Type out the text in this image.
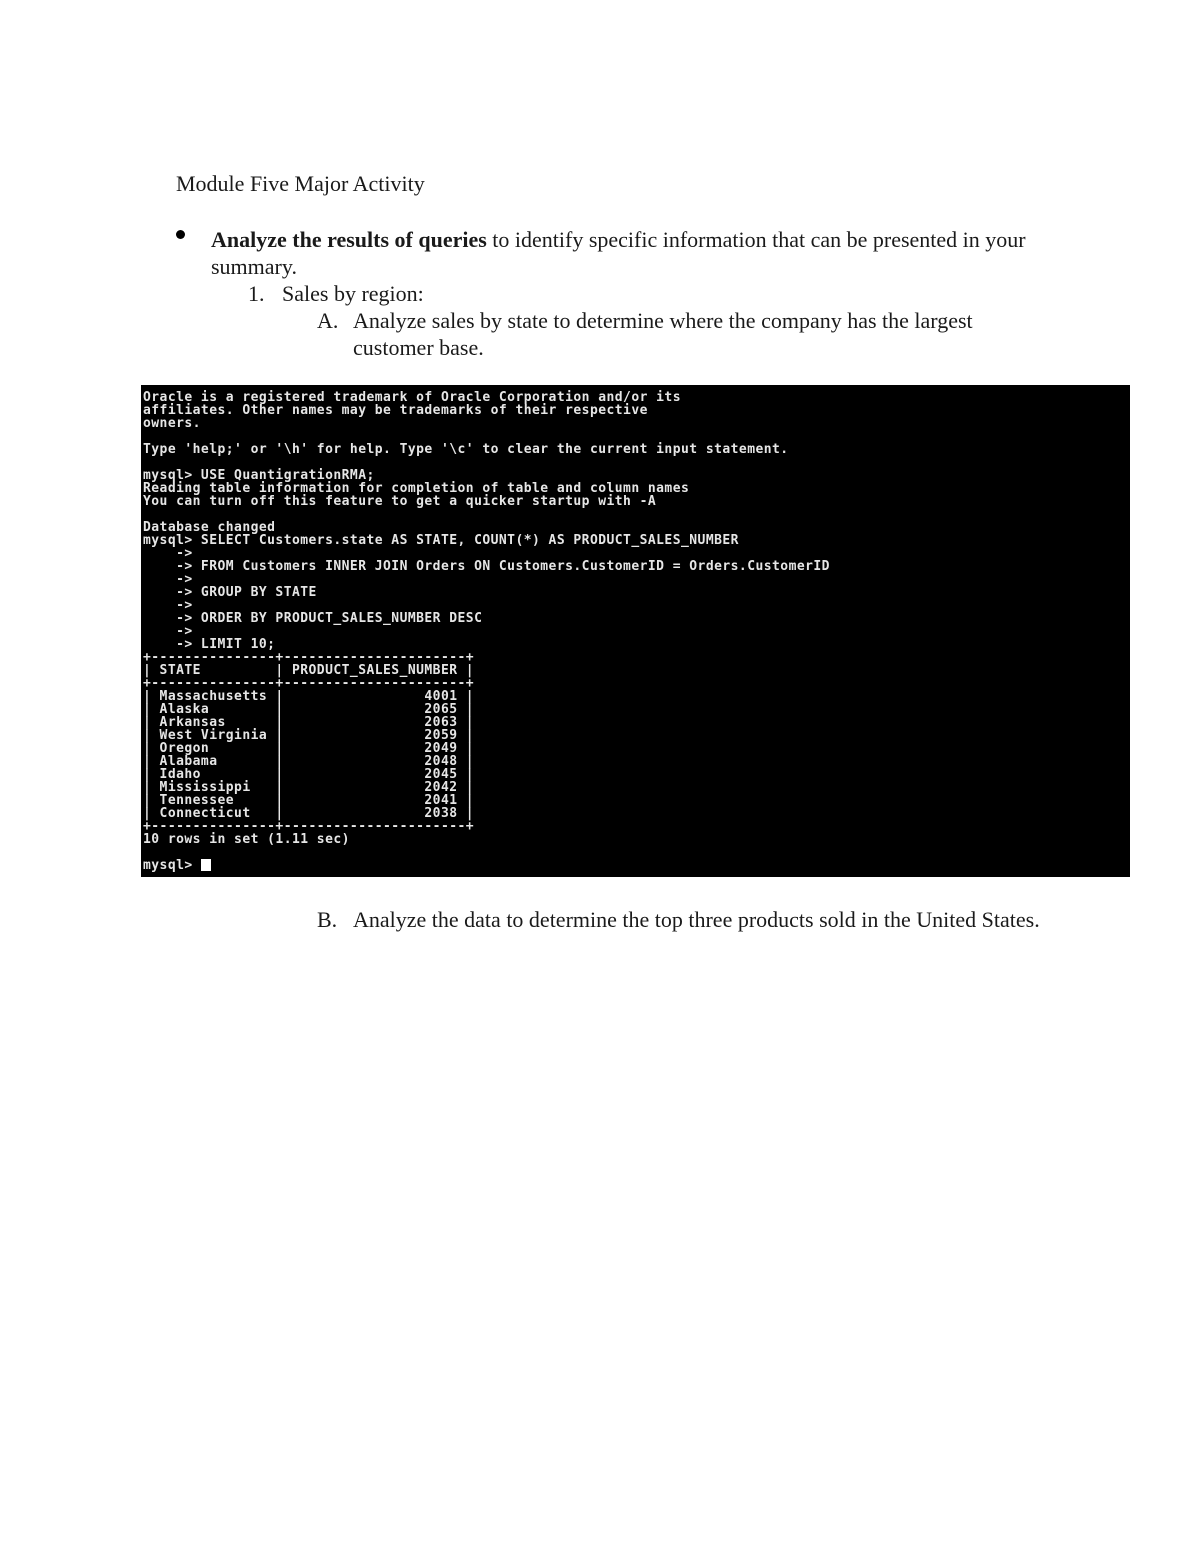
Module Five Major Activity
Analyze the results of queries to identify specific information that can be presented in your summary.
1. Sales by region:
A. Analyze sales by state to determine where the company has the largest customer base.
Oracle is a registered trademark of Oracle Corporation and/or its
affiliates. Other names may be trademarks of their respective
owners.
Type 'help;' or '\h' for help. Type '\c' to clear the current input statement.
mysql> USE QuantigrationRMA;
Reading table information for completion of table and column names
You can turn off this feature to get a quicker startup with -A
Database changed
mysql> SELECT Customers.state AS STATE, COUNT(*) AS PRODUCT_SALES_NUMBER
->
-> FROM Customers INNER JOIN Orders ON Customers.CustomerID = Orders.CustomerID
->
-> GROUP BY STATE
->
-> ORDER BY PRODUCT_SALES_NUMBER DESC
->
-> LIMIT 10;
+---------------+----------------------+
| STATE         | PRODUCT_SALES_NUMBER |
+---------------+----------------------+
| Massachusetts |                 4001 |
| Alaska        |                 2065 |
| Arkansas      |                 2063 |
| West Virginia |                 2059 |
| Oregon        |                 2049 |
| Alabama       |                 2048 |
| Idaho         |                 2045 |
| Mississippi   |                 2042 |
| Tennessee     |                 2041 |
| Connecticut   |                 2038 |
+---------------+----------------------+
10 rows in set (1.11 sec)
mysql>
B. Analyze the data to determine the top three products sold in the United States.
